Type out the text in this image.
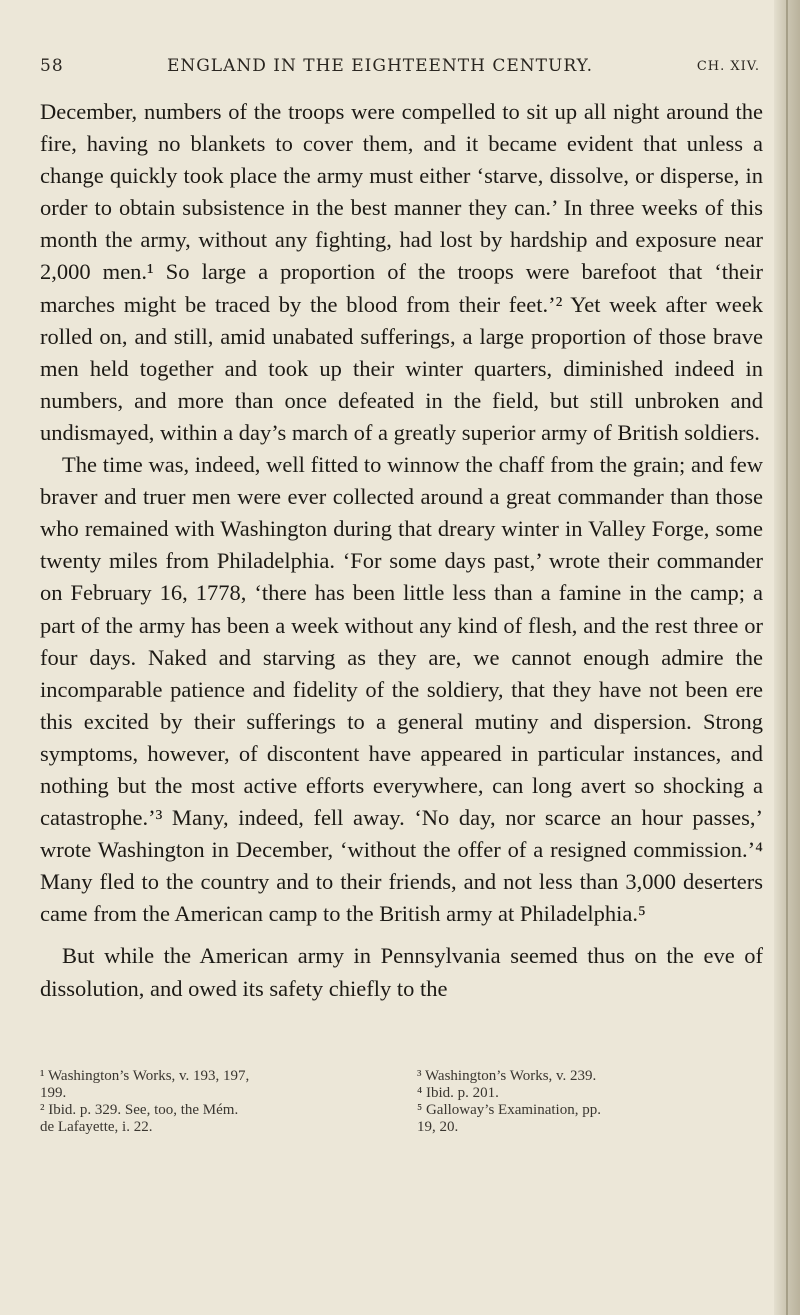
58	ENGLAND IN THE EIGHTEENTH CENTURY.	CH. XIV.

December, numbers of the troops were compelled to sit up all night around the fire, having no blankets to cover them, and it became evident that unless a change quickly took place the army must either ‘starve, dissolve, or disperse, in order to obtain subsistence in the best manner they can.’ In three weeks of this month the army, without any fighting, had lost by hardship and exposure near 2,000 men.¹ So large a proportion of the troops were barefoot that ‘their marches might be traced by the blood from their feet.’² Yet week after week rolled on, and still, amid unabated sufferings, a large proportion of those brave men held together and took up their winter quarters, diminished indeed in numbers, and more than once defeated in the field, but still unbroken and undismayed, within a day’s march of a greatly superior army of British soldiers.

The time was, indeed, well fitted to winnow the chaff from the grain; and few braver and truer men were ever collected around a great commander than those who remained with Washington during that dreary winter in Valley Forge, some twenty miles from Philadelphia. ‘For some days past,’ wrote their commander on February 16, 1778, ‘there has been little less than a famine in the camp; a part of the army has been a week without any kind of flesh, and the rest three or four days. Naked and starving as they are, we cannot enough admire the incomparable patience and fidelity of the soldiery, that they have not been ere this excited by their sufferings to a general mutiny and dispersion. Strong symptoms, however, of discontent have appeared in particular instances, and nothing but the most active efforts everywhere, can long avert so shocking a catastrophe.’³ Many, indeed, fell away. ‘No day, nor scarce an hour passes,’ wrote Washington in December, ‘without the offer of a resigned commission.’⁴ Many fled to the country and to their friends, and not less than 3,000 deserters came from the American camp to the British army at Philadelphia.⁵

But while the American army in Pennsylvania seemed thus on the eve of dissolution, and owed its safety chiefly to the

¹ Washington’s Works, v. 193, 197,
199.
² Ibid. p. 329. See, too, the Mém.
de Lafayette, i. 22.
³ Washington’s Works, v. 239.
⁴ Ibid. p. 201.
⁵ Galloway’s Examination, pp.
19, 20.
